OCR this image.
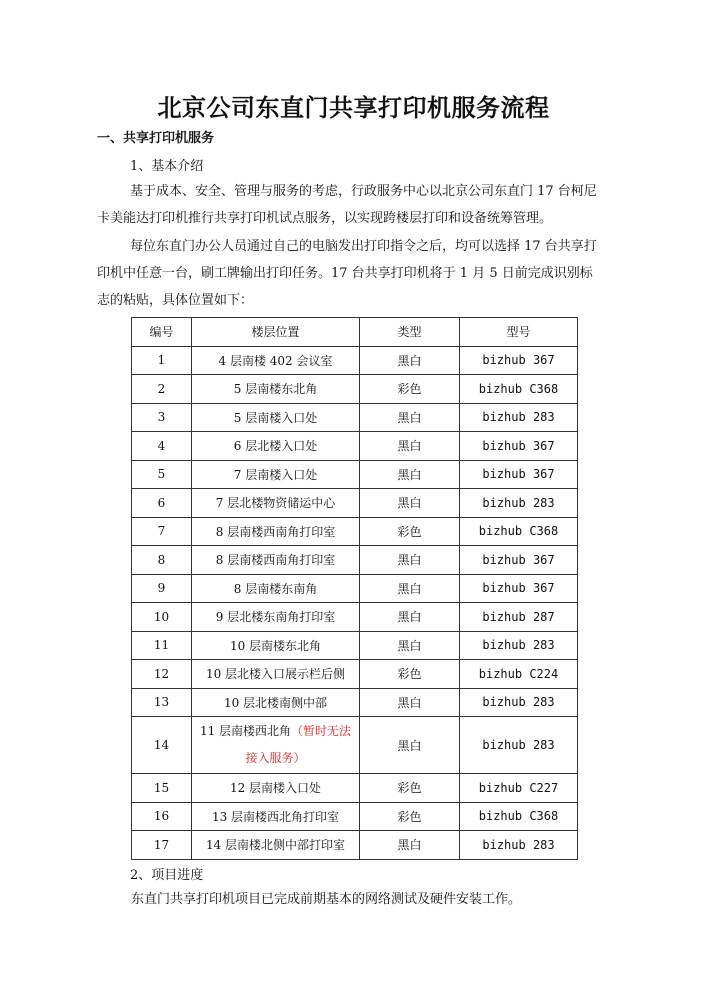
北京公司东直门共享打印机服务流程
一、共享打印机服务
1、基本介绍
基于成本、安全、管理与服务的考虑，行政服务中心以北京公司东直门 17 台柯尼卡美能达打印机推行共享打印机试点服务，以实现跨楼层打印和设备统筹管理。
每位东直门办公人员通过自己的电脑发出打印指令之后，均可以选择 17 台共享打印机中任意一台，刷工牌输出打印任务。17 台共享打印机将于 1 月 5 日前完成识别标志的粘贴，具体位置如下：
编号	楼层位置	类型	型号
1	4 层南楼 402 会议室	黑白	bizhub 367
2	5 层南楼东北角	彩色	bizhub C368
3	5 层南楼入口处	黑白	bizhub 283
4	6 层北楼入口处	黑白	bizhub 367
5	7 层南楼入口处	黑白	bizhub 367
6	7 层北楼物资储运中心	黑白	bizhub 283
7	8 层南楼西南角打印室	彩色	bizhub C368
8	8 层南楼西南角打印室	黑白	bizhub 367
9	8 层南楼东南角	黑白	bizhub 367
10	9 层北楼东南角打印室	黑白	bizhub 287
11	10 层南楼东北角	黑白	bizhub 283
12	10 层北楼入口展示栏后侧	彩色	bizhub C224
13	10 层北楼南侧中部	黑白	bizhub 283
14	11 层南楼西北角（暂时无法
接入服务）	黑白	bizhub 283
15	12 层南楼入口处	彩色	bizhub C227
16	13 层南楼西北角打印室	彩色	bizhub C368
17	14 层南楼北侧中部打印室	黑白	bizhub 283
2、项目进度
东直门共享打印机项目已完成前期基本的网络测试及硬件安装工作。
